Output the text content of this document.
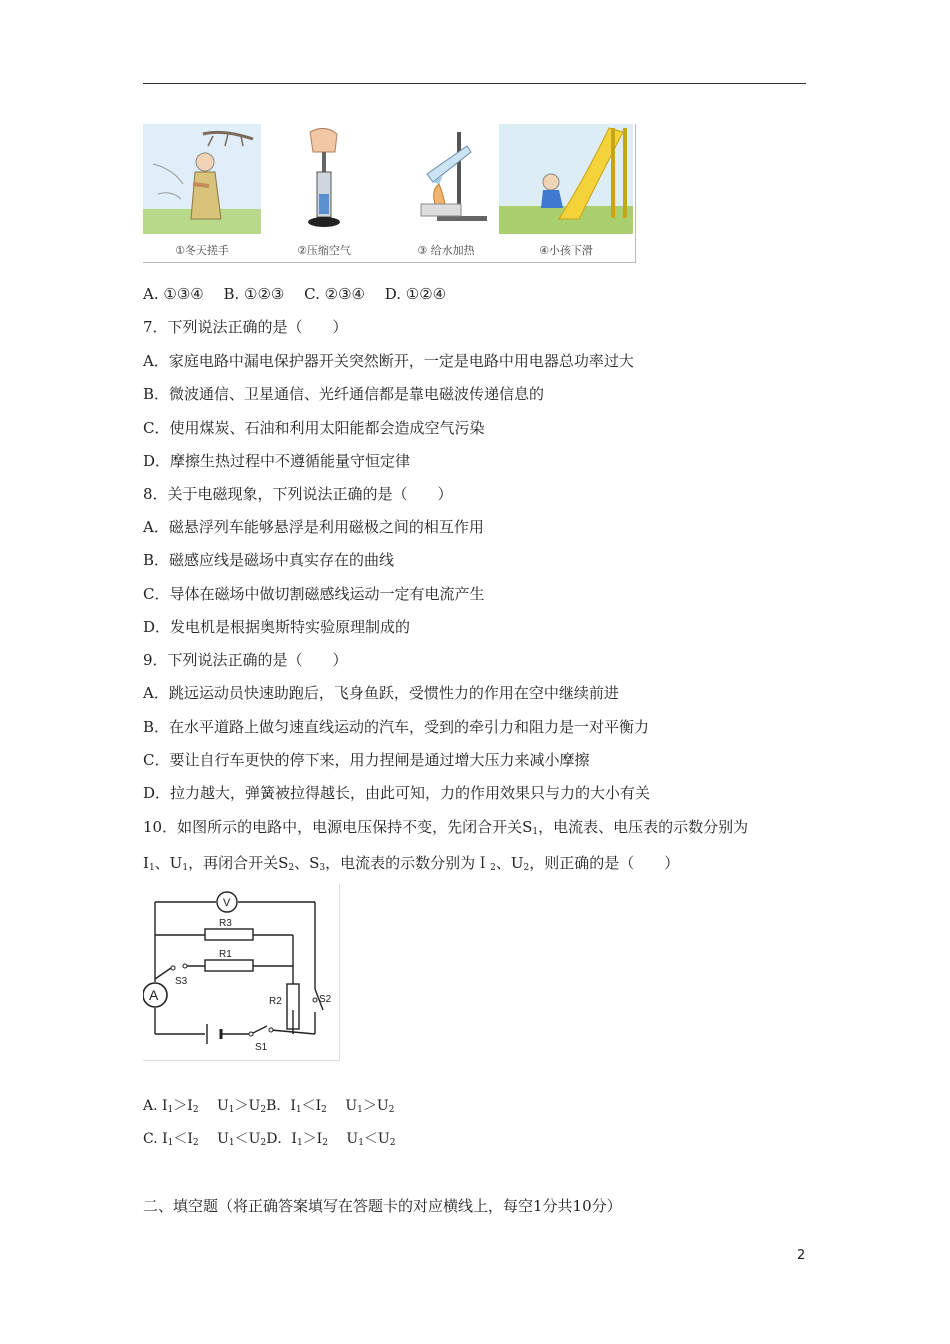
①冬天搓手	②压缩空气	③ 给水加热	④小孩下滑
A. ①③④　 B. ①②③　 C. ②③④　 D. ①②④
7．下列说法正确的是（　　）
A．家庭电路中漏电保护器开关突然断开，一定是电路中用电器总功率过大
B．微波通信、卫星通信、光纤通信都是靠电磁波传递信息的
C．使用煤炭、石油和利用太阳能都会造成空气污染
D．摩擦生热过程中不遵循能量守恒定律
8．关于电磁现象，下列说法正确的是（　　）
A．磁悬浮列车能够悬浮是利用磁极之间的相互作用
B．磁感应线是磁场中真实存在的曲线
C．导体在磁场中做切割磁感线运动一定有电流产生
D．发电机是根据奥斯特实验原理制成的
9．下列说法正确的是（　　）
A．跳远运动员快速助跑后，飞身鱼跃，受惯性力的作用在空中继续前进
B．在水平道路上做匀速直线运动的汽车，受到的牵引力和阻力是一对平衡力
C．要让自行车更快的停下来，用力捏闸是通过增大压力来减小摩擦
D．拉力越大，弹簧被拉得越长，由此可知，力的作用效果只与力的大小有关
10．如图所示的电路中，电源电压保持不变，先闭合开关$S_1$，电流表、电压表的示数分别为
$I_1$、$U_1$，再闭合开关$S_2$、$S_3$，电流表的示数分别为Ｉ$_2$、$U_2$，则正确的是（　　）
V
R3
R1
S3
A	R2	S2
S1
A. $I_1>I_2$　 $U_1>U_2B$．$I_1<I_2$　 $U_1>U_2$
C. $I_1<I_2$　 $U_1<U_2D$．$I_1>I_2$　 $U_1<U_2$
二、填空题（将正确答案填写在答题卡的对应横线上，每空1分共10分）
2
